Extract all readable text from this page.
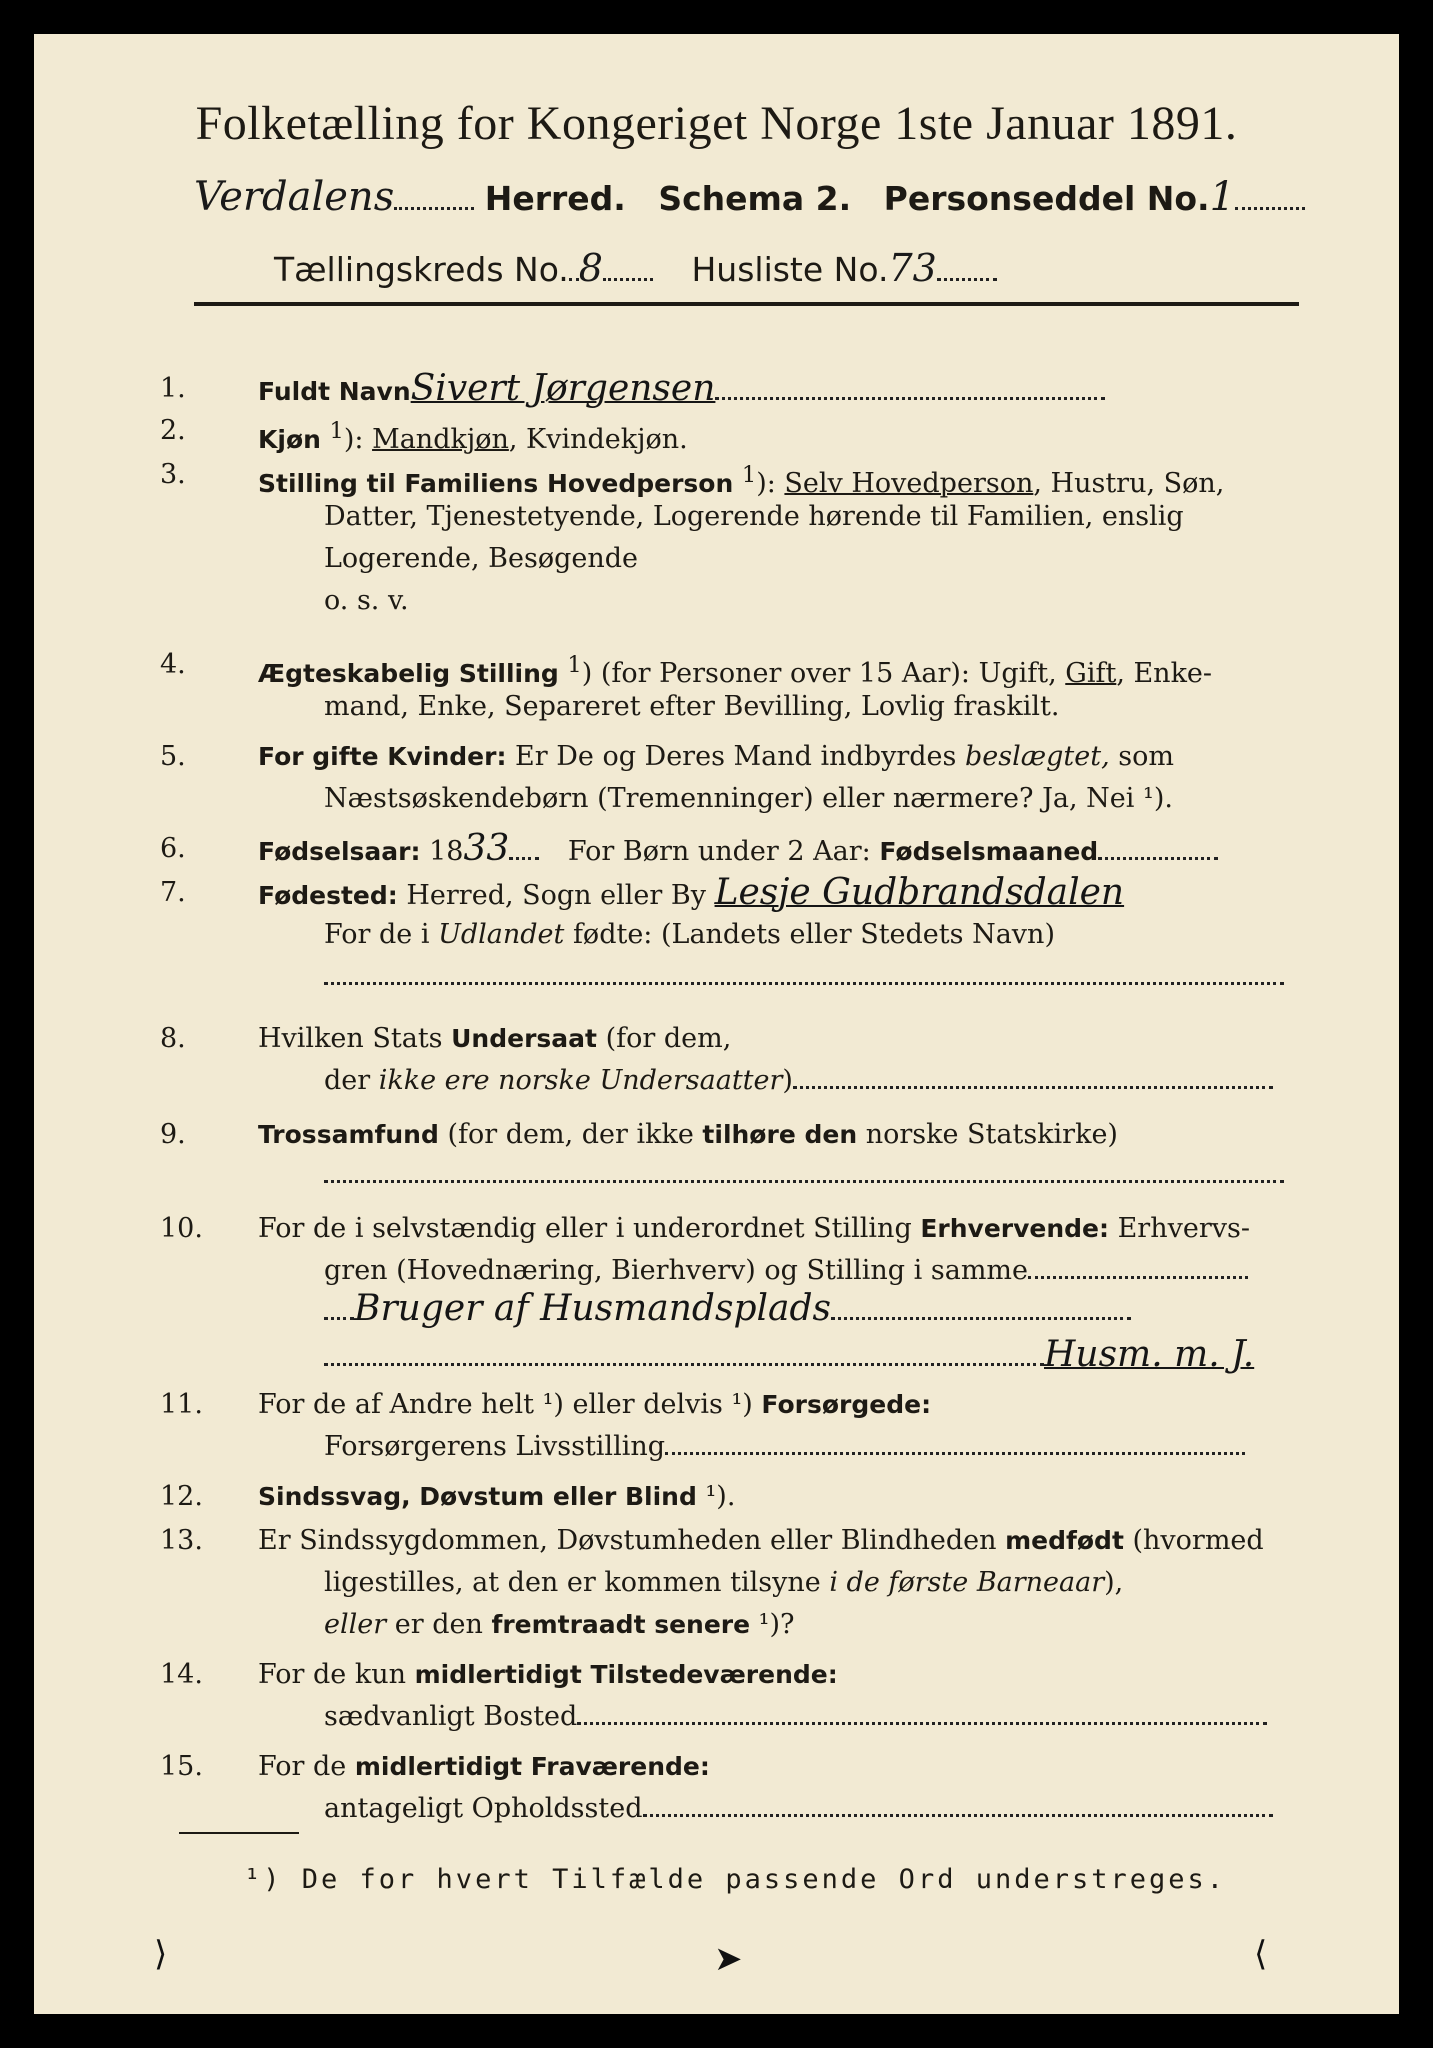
Folketælling for Kongeriget Norge 1ste Januar 1891.
Verdalens	Herred. Schema 2. Personseddel No.1
Tællingskreds No. 8	Husliste No.73
1.	Fuldt NavnSivert Jørgensen
2.	Kjøn $^1$): Mandkjøn, Kvindekjøn.
3.	Stilling til Familiens Hovedperson $^1$): Selv Hovedperson, Hustru, Søn,
Datter, Tjenestetyende, Logerende hørende til Familien, enslig
Logerende, Besøgende
o. s. v.
4.	Ægteskabelig Stilling $^1$) (for Personer over 15 Aar): Ugift, Gift, Enke-
mand, Enke, Separeret efter Bevilling, Lovlig fraskilt.
5.	For gifte Kvinder: Er De og Deres Mand indbyrdes beslægtet, som
Næstsøskendebørn (Tremenninger) eller nærmere? Ja, Nei ¹).
6.	Fødselsaar: 1833 For Børn under 2 Aar: Fødselsmaaned
7.	Fødested: Herred, Sogn eller By Lesje Gudbrandsdalen
For de i Udlandet fødte: (Landets eller Stedets Navn)
8.	Hvilken Stats Undersaat (for dem,
der ikke ere norske Undersaatter)
9.	Trossamfund (for dem, der ikke tilhøre den norske Statskirke)
10.	For de i selvstændig eller i underordnet Stilling Erhvervende: Erhvervs-
gren (Hovednæring, Bierhverv) og Stilling i samme
Bruger af Husmandsplads
Husm. m. J.
11.	For de af Andre helt ¹) eller delvis ¹) Forsørgede:
Forsørgerens Livsstilling
12.	Sindssvag, Døvstum eller Blind ¹).
13.	Er Sindssygdommen, Døvstumheden eller Blindheden medfødt (hvormed
ligestilles, at den er kommen tilsyne i de første Barneaar),
eller er den fremtraadt senere ¹)?
14.	For de kun midlertidigt Tilstedeværende:
sædvanligt Bosted
15.	For de midlertidigt Fraværende:
antageligt Opholdssted
¹) De for hvert Tilfælde passende Ord understreges.
⟩	➤	⟨
